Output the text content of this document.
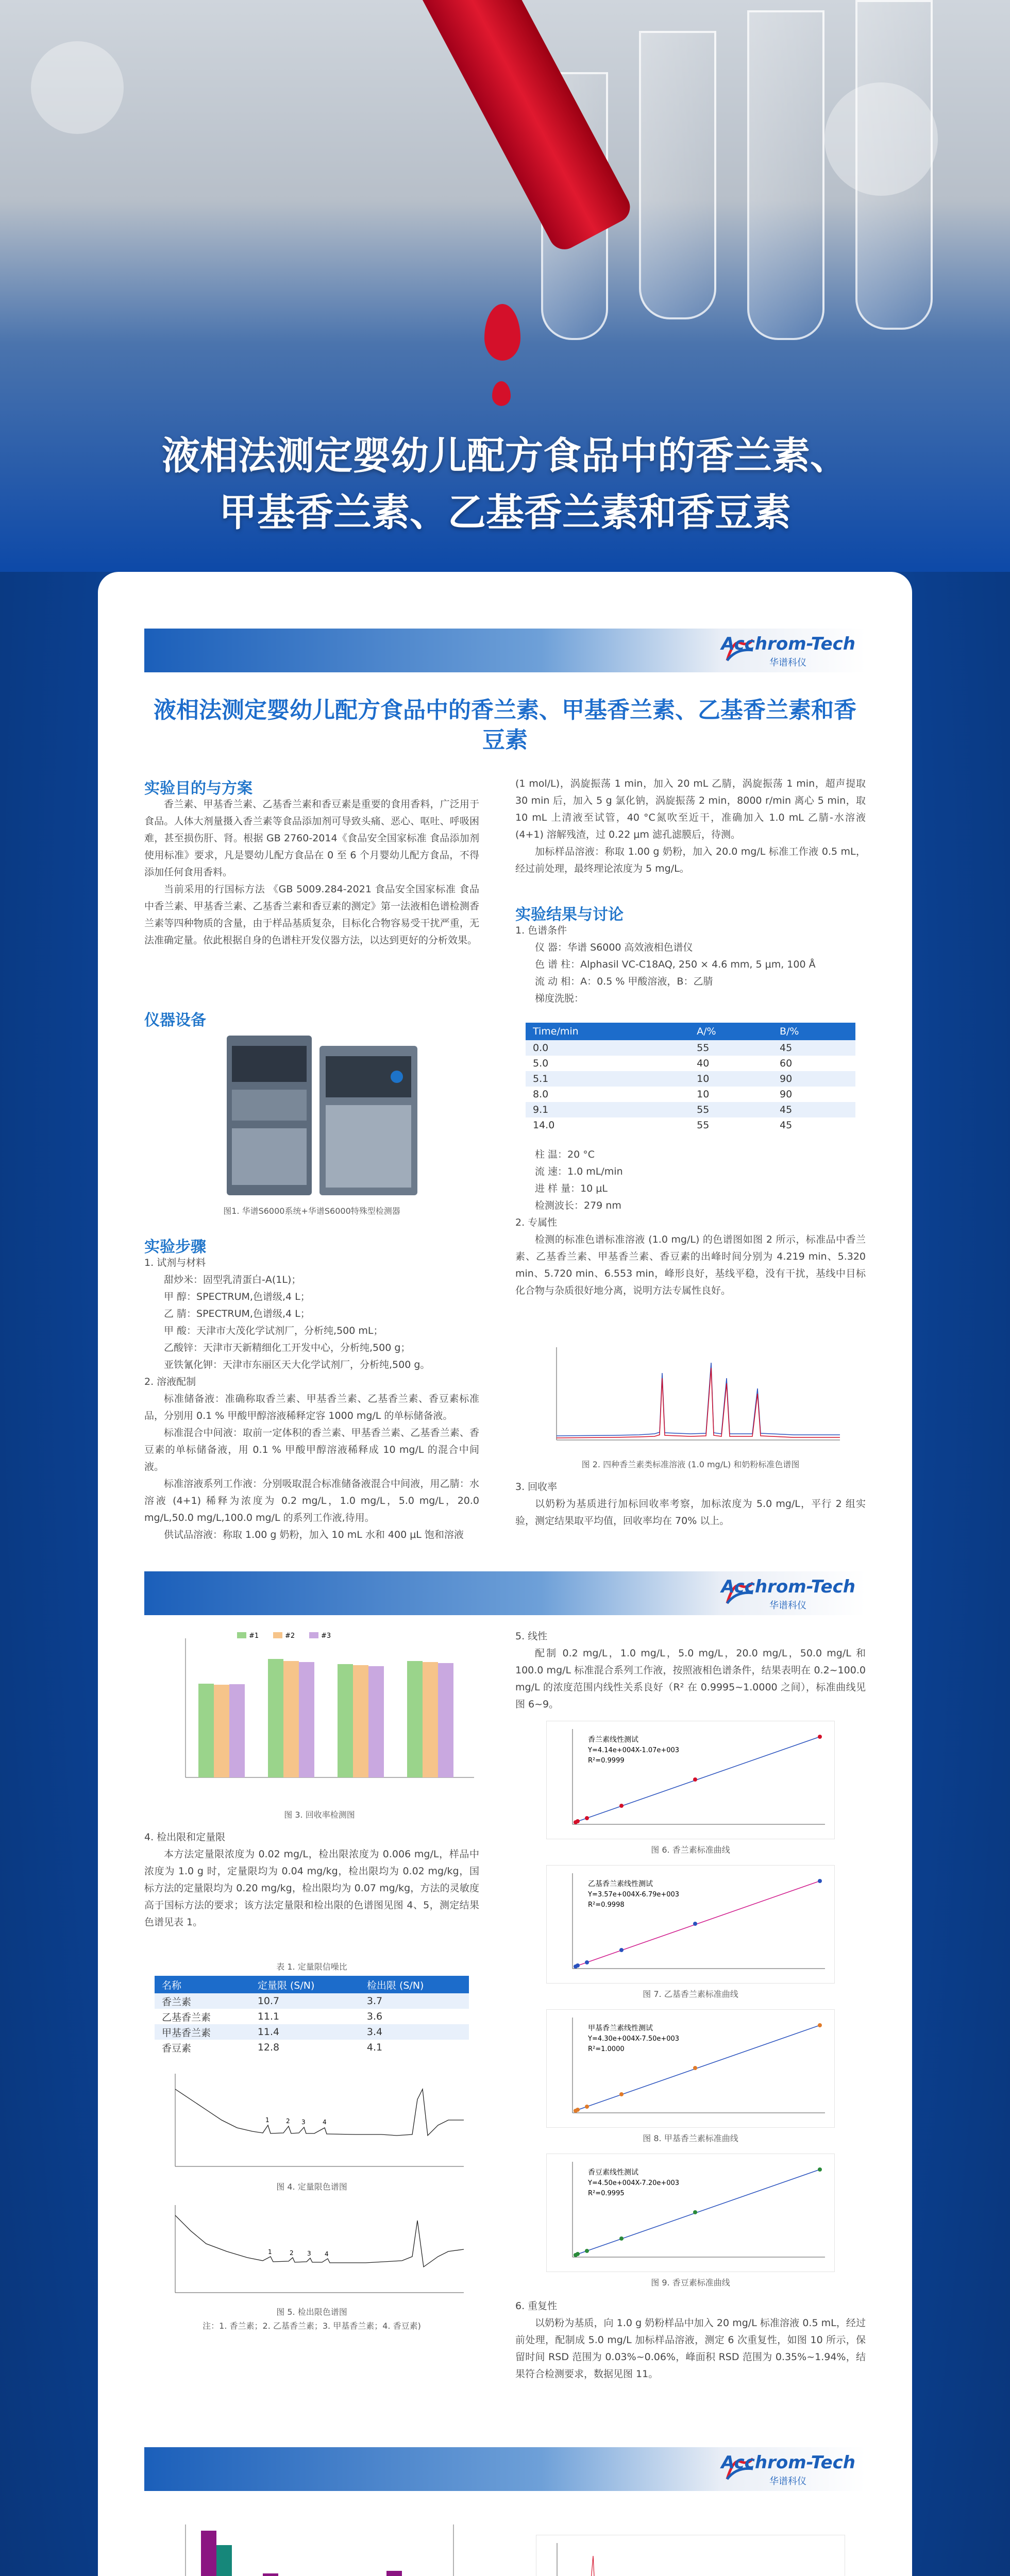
液相法测定婴幼儿配方食品中的香兰素、
甲基香兰素、乙基香兰素和香豆素
Acchrom-Tech
华谱科仪
液相法测定婴幼儿配方食品中的香兰素、甲基香兰素、乙基香兰素和香豆素
实验目的与方案

香兰素、甲基香兰素、乙基香兰素和香豆素是重要的食用香料，广泛用于食品。人体大剂量摄入香兰素等食品添加剂可导致头痛、恶心、呕吐、呼吸困难，甚至损伤肝、肾。根据 GB 2760-2014《食品安全国家标准 食品添加剂使用标准》要求，凡是婴幼儿配方食品在 0 至 6 个月婴幼儿配方食品，不得添加任何食用香料。

当前采用的行国标方法 《GB 5009.284-2021 食品安全国家标准 食品中香兰素、甲基香兰素、乙基香兰素和香豆素的测定》第一法液相色谱检测香兰素等四种物质的含量，由于样品基质复杂，目标化合物容易受干扰严重，无法准确定量。依此根据自身的色谱柱开发仪器方法，以达到更好的分析效果。

仪器设备
图1. 华谱S6000系统+华谱S6000特殊型检测器
实验步骤

1. 试剂与材料

甜炒米：固型乳清蛋白-A(1L)；

甲 醇：SPECTRUM,色谱级,4 L；

乙 腈：SPECTRUM,色谱级,4 L；

甲 酸：天津市大茂化学试剂厂，分析纯,500 mL；

乙酸锌：天津市天新精细化工开发中心，分析纯,500 g；

亚铁氰化钾：天津市东丽区天大化学试剂厂，分析纯,500 g。

2. 溶液配制

标准储备液：准确称取香兰素、甲基香兰素、乙基香兰素、香豆素标准品，分别用 0.1 % 甲酸甲醇溶液稀释定容 1000 mg/L 的单标储备液。

标准混合中间液：取前一定体积的香兰素、甲基香兰素、乙基香兰素、香豆素的单标储备液，用 0.1 % 甲酸甲醇溶液稀释成 10 mg/L 的混合中间液。

标准溶液系列工作液：分别吸取混合标准储备液混合中间液，用乙腈：水溶液 (4+1) 稀释为浓度为 0.2 mg/L，1.0 mg/L，5.0 mg/L，20.0 mg/L,50.0 mg/L,100.0 mg/L 的系列工作液,待用。

供试品溶液：称取 1.00 g 奶粉，加入 10 mL 水和 400 μL 饱和溶液

(1 mol/L)，涡旋振荡 1 min，加入 20 mL 乙腈，涡旋振荡 1 min，超声提取 30 min 后，加入 5 g 氯化钠，涡旋振荡 2 min，8000 r/min 离心 5 min，取 10 mL 上清液至试管，40 °C氮吹至近干，准确加入 1.0 mL 乙腈-水溶液 (4+1) 溶解残渣，过 0.22 μm 滤孔滤膜后，待测。

加标样品溶液：称取 1.00 g 奶粉，加入 20.0 mg/L 标准工作液 0.5 mL，经过前处理，最终理论浓度为 5 mg/L。

实验结果与讨论

1. 色谱条件

仪 器：华谱 S6000 高效液相色谱仪

色 谱 柱：Alphasil VC-C18AQ, 250 × 4.6 mm, 5 μm, 100 Å

流 动 相：A：0.5 % 甲酸溶液，B：乙腈

梯度洗脱：

Time/min	A/%	B/%
0.0	55	45
5.0	40	60
5.1	10	90
8.0	10	90
9.1	55	45
14.0	55	45

柱 温：20 °C

流 速：1.0 mL/min

进 样 量：10 μL

检测波长：279 nm

2. 专属性

检测的标准色谱标准溶液 (1.0 mg/L) 的色谱图如图 2 所示，标准品中香兰素、乙基香兰素、甲基香兰素、香豆素的出峰时间分别为 4.219 min、5.320 min、5.720 min、6.553 min，峰形良好，基线平稳，没有干扰，基线中目标化合物与杂质很好地分离，说明方法专属性良好。

图 2. 四种香兰素类标准溶液 (1.0 mg/L) 和奶粉标准色谱图

3. 回收率

以奶粉为基质进行加标回收率考察，加标浓度为 5.0 mg/L，平行 2 组实验，测定结果取平均值，回收率均在 70% 以上。

Acchrom-Tech
华谱科仪
#1	#2	#3
图 3. 回收率检测图

4. 检出限和定量限

本方法定量限浓度为 0.02 mg/L，检出限浓度为 0.006 mg/L，样品中浓度为 1.0 g 时，定量限均为 0.04 mg/kg，检出限均为 0.02 mg/kg，国标方法的定量限均为 0.20 mg/kg，检出限均为 0.07 mg/kg，方法的灵敏度高于国标方法的要求；该方法定量限和检出限的色谱图见图 4、5，测定结果色谱见表 1。

表 1. 定量限信噪比
名称	定量限 (S/N)	检出限 (S/N)
香兰素	10.7	3.7
乙基香兰素	11.1	3.6
甲基香兰素	11.4	3.4
香豆素	12.8	4.1
1	2 3	4
图 4. 定量限色谱图
1	2 3 4
图 5. 检出限色谱图
注：1. 香兰素；2. 乙基香兰素；3. 甲基香兰素；4. 香豆素)

5. 线性

配制 0.2 mg/L，1.0 mg/L，5.0 mg/L，20.0 mg/L，50.0 mg/L 和 100.0 mg/L 标准混合系列工作液，按照液相色谱条件，结果表明在 0.2~100.0 mg/L 的浓度范围内线性关系良好（R² 在 0.9995~1.0000 之间），标准曲线见图 6~9。

香兰素线性测试
Y=4.14e+004X-1.07e+003
R²=0.9999
图 6. 香兰素标准曲线
乙基香兰素线性测试
Y=3.57e+004X-6.79e+003
R²=0.9998
图 7. 乙基香兰素标准曲线
甲基香兰素线性测试
Y=4.30e+004X-7.50e+003
R²=1.0000
图 8. 甲基香兰素标准曲线
香豆素线性测试
Y=4.50e+004X-7.20e+003
R²=0.9995
图 9. 香豆素标准曲线

6. 重复性

以奶粉为基质，向 1.0 g 奶粉样品中加入 20 mg/L 标准溶液 0.5 mL，经过前处理，配制成 5.0 mg/L 加标样品溶液，测定 6 次重复性，如图 10 所示，保留时间 RSD 范围为 0.03%~0.06%，峰面积 RSD 范围为 0.35%~1.94%，结果符合检测要求，数据见图 11。

Acchrom-Tech
华谱科仪
